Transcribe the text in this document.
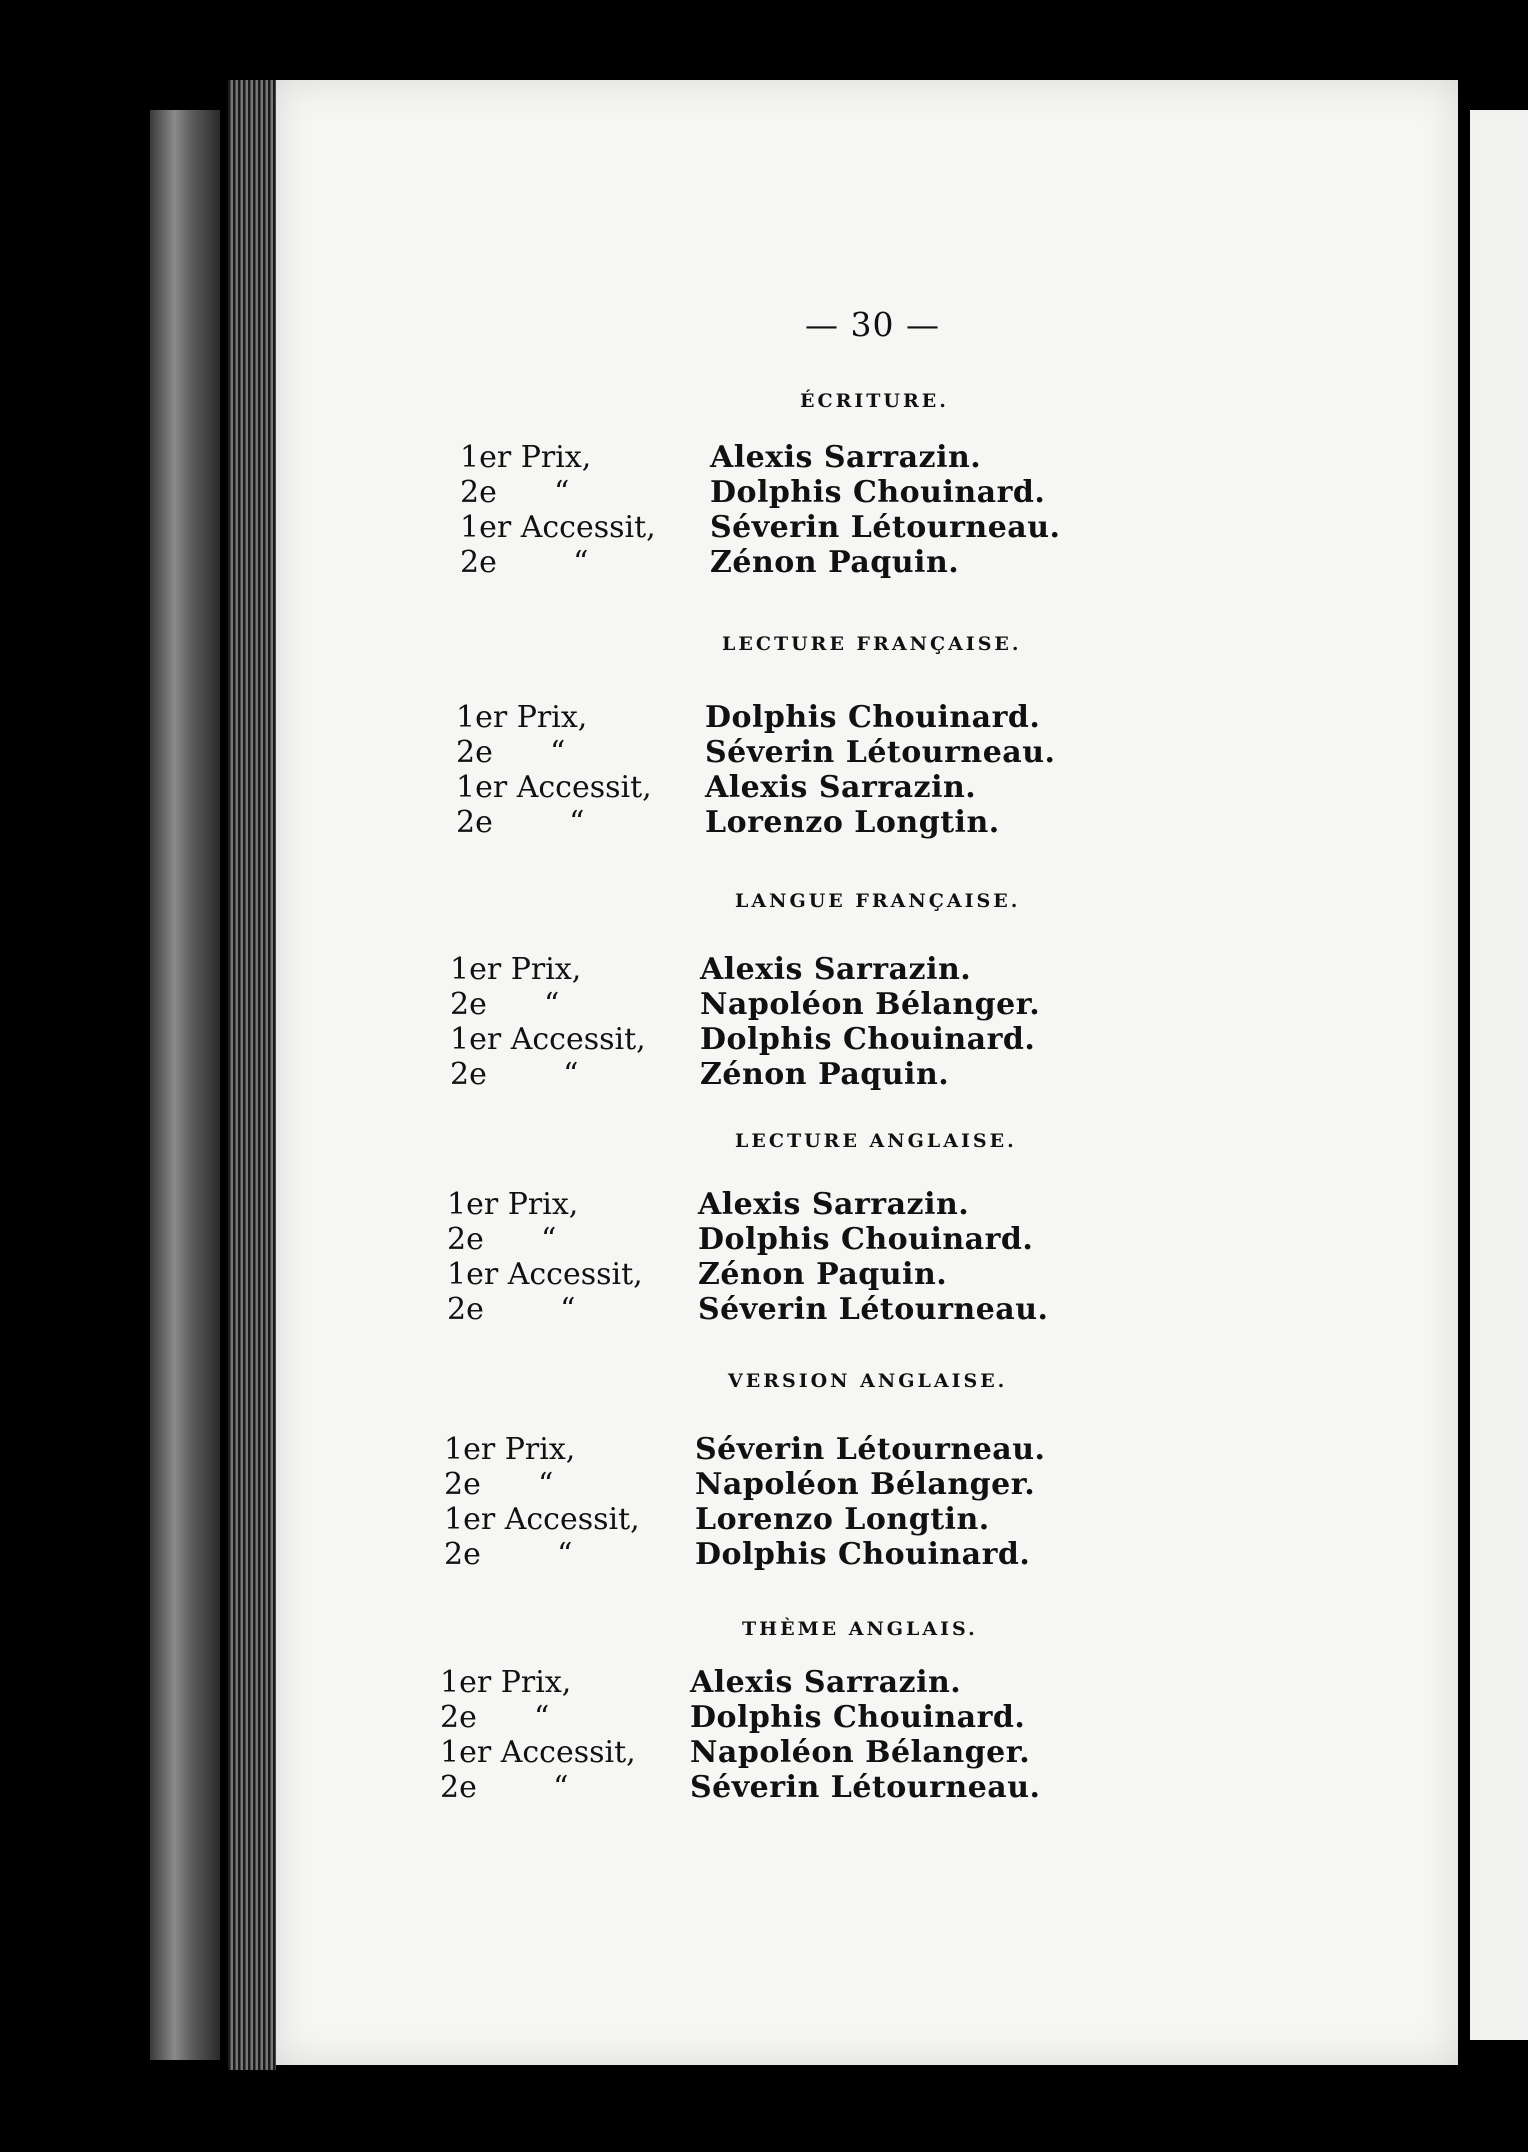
— 30 —
ÉCRITURE.
1er Prix,	Alexis Sarrazin.
2e      “	Dolphis Chouinard.
1er Accessit, Séverin Létourneau.
2e        “	Zénon Paquin.
LECTURE FRANÇAISE.
1er Prix,	Dolphis Chouinard.
2e      “	Séverin Létourneau.
1er Accessit, Alexis Sarrazin.
2e        “	Lorenzo Longtin.
LANGUE FRANÇAISE.
1er Prix,	Alexis Sarrazin.
2e      “	Napoléon Bélanger.
1er Accessit, Dolphis Chouinard.
2e        “	Zénon Paquin.
LECTURE ANGLAISE.
1er Prix,	Alexis Sarrazin.
2e      “	Dolphis Chouinard.
1er Accessit, Zénon Paquin.
2e        “	Séverin Létourneau.
VERSION ANGLAISE.
1er Prix,	Séverin Létourneau.
2e      “	Napoléon Bélanger.
1er Accessit, Lorenzo Longtin.
2e        “	Dolphis Chouinard.
THÈME ANGLAIS.
1er Prix,	Alexis Sarrazin.
2e      “	Dolphis Chouinard.
1er Accessit, Napoléon Bélanger.
2e        “	Séverin Létourneau.
